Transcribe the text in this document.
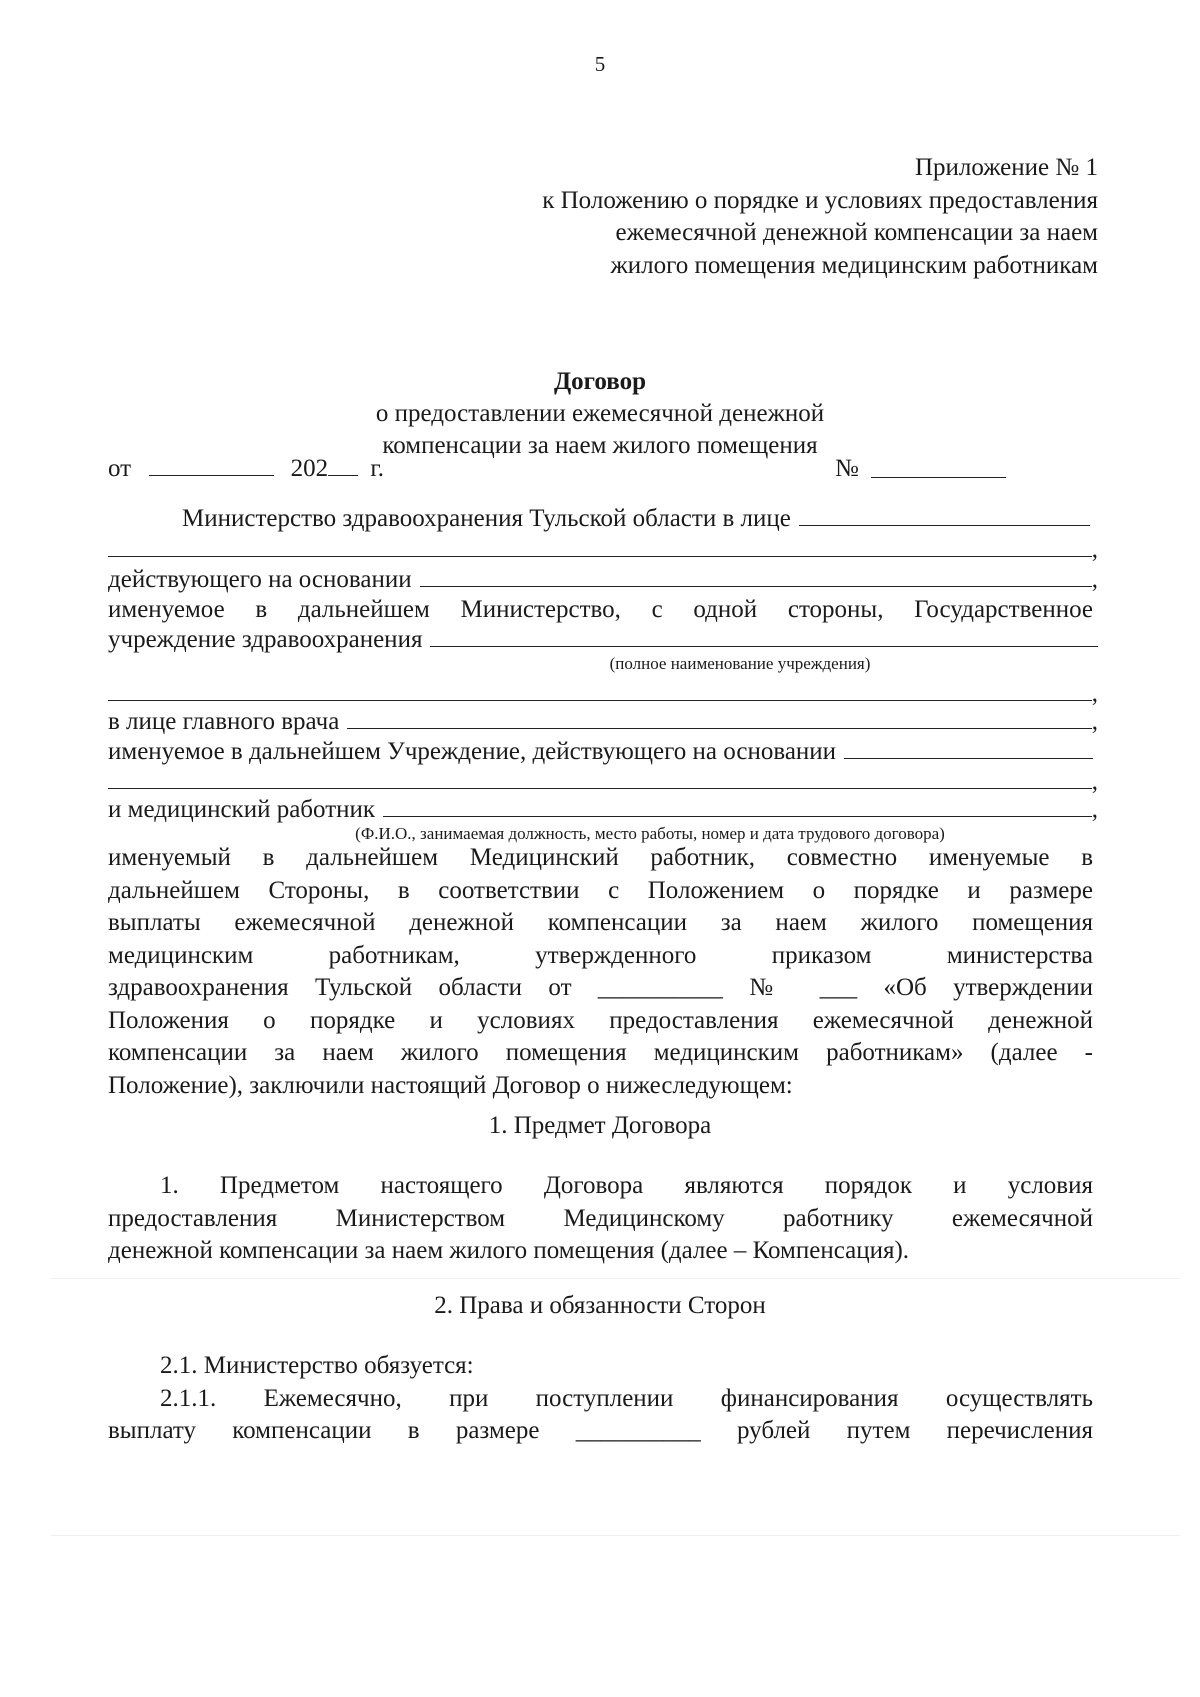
5
Приложение № 1
к Положению о порядке и условиях предоставления
ежемесячной денежной компенсации за наем
жилого помещения медицинским работникам
Договор
о предоставлении ежемесячной денежной
компенсации за наем жилого помещения
от	202 г.	№
Министерство здравоохранения Тульской области в лице
,
действующего на основании	,
именуемое в дальнейшем Министерство, с одной стороны, Государственное
учреждение здравоохранения
(полное наименование учреждения)
,
в лице главного врача	,
именуемое в дальнейшем Учреждение, действующего на основании
,
и медицинский работник	,
(Ф.И.О., занимаемая должность, место работы, номер и дата трудового договора)
именуемый в дальнейшем Медицинский работник, совместно именуемые в
дальнейшем Стороны, в соответствии с Положением о порядке и размере
выплаты ежемесячной денежной компенсации за наем жилого помещения
медицинским работникам, утвержденного приказом министерства
здравоохранения Тульской области от __________ № ___ «Об утверждении
Положения о порядке и условиях предоставления ежемесячной денежной
компенсации за наем жилого помещения медицинским работникам» (далее -
Положение), заключили настоящий Договор о нижеследующем:
1. Предмет Договора
1. Предметом настоящего Договора являются порядок и условия
предоставления Министерством Медицинскому работнику ежемесячной
денежной компенсации за наем жилого помещения (далее – Компенсация).
2. Права и обязанности Сторон
2.1. Министерство обязуется:
2.1.1. Ежемесячно, при поступлении финансирования осуществлять
выплату компенсации в размере __________ рублей путем перечисления
